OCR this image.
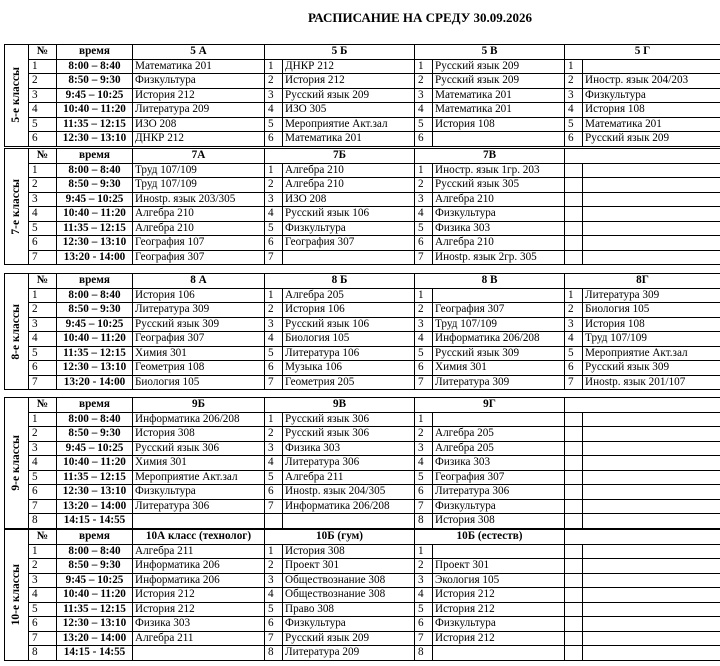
РАСПИСАНИЕ НА СРЕДУ 30.09.2026
5-е классы	№	время	5 А	5 Б		5 В		5 Г	
	1	8:00 – 8:40	Математика 201	1	ДНКР 212	1	Русский язык 209	1	
	2	8:50 – 9:30	Физкультура	2	История 212	2	Русский язык 209	2	Иностр. язык 204/203
	3	9:45 – 10:25	История 212	3	Русский язык 209	3	Математика 201	3	Физкультура
	4	10:40 – 11:20	Литература 209	4	ИЗО 305	4	Математика 201	4	История 108
	5	11:35 – 12:15	ИЗО 208	5	Мероприятие Акт.зал	5	История 108	5	Математика 201
	6	12:30 – 13:10	ДНКР 212	6	Математика 201	6		6	Русский язык 209
7-е классы	№	время	7А	7Б		7В			
	1	8:00 – 8:40	Труд 107/109	1	Алгебра 210	1	Иностр. язык 1гр. 203		
	2	8:50 – 9:30	Труд 107/109	2	Алгебра 210	2	Русский язык 305		
	3	9:45 – 10:25	Инostр. язык 203/305	3	ИЗО 208	3	Алгебра 210		
	4	10:40 – 11:20	Алгебра 210	4	Русский язык 106	4	Физкультура		
	5	11:35 – 12:15	Алгебра 210	5	Физкультура	5	Физика 303		
	6	12:30 – 13:10	География 107	6	География 307	6	Алгебра 210		
	7	13:20 - 14:00	География 307	7		7	Инostр. язык 2гр. 305		
8-е классы	№	время	8 А	8 Б		8 В		8Г	
	1	8:00 – 8:40	История 106	1	Алгебра 205	1		1	Литература 309
	2	8:50 – 9:30	Литература 309	2	История 106	2	География 307	2	Биология 105
	3	9:45 – 10:25	Русский язык 309	3	Русский язык 106	3	Труд 107/109	3	История 108
	4	10:40 – 11:20	География 307	4	Биология 105	4	Информатика 206/208	4	Труд 107/109
	5	11:35 – 12:15	Химия 301	5	Литература 106	5	Русский язык 309	5	Мероприятие Акт.зал
	6	12:30 – 13:10	Геометрия 108	6	Музыка 106	6	Химия 301	6	Русский язык 309
	7	13:20 - 14:00	Биология 105	7	Геометрия 205	7	Литература 309	7	Инostр. язык 201/107
9-е классы	№	время	9Б	9В		9Г			
	1	8:00 – 8:40	Информатика 206/208	1	Русский язык 306	1			
	2	8:50 – 9:30	История 308	2	Русский язык 306	2	Алгебра 205		
	3	9:45 – 10:25	Русский язык 306	3	Физика 303	3	Алгебра 205		
	4	10:40 – 11:20	Химия 301	4	Литература 306	4	Физика 303		
	5	11:35 – 12:15	Мероприятие Акт.зал	5	Алгебра 211	5	География 307		
	6	12:30 – 13:10	Физкультура	6	Инostр. язык 204/305	6	Литература 306		
	7	13:20 – 14:00	Литература 306	7	Информатика 206/208	7	Физкультура		
	8	14:15 - 14:55				8	История 308		
10-е классы	№	время	10А класс (технолог)	10Б (гум)		10Б (естеств)			
	1	8:00 – 8:40	Алгебра 211	1	История 308	1			
	2	8:50 – 9:30	Информатика 206	2	Проект 301	2	Проект 301		
	3	9:45 – 10:25	Информатика 206	3	Обществознание 308	3	Экология 105		
	4	10:40 – 11:20	История 212	4	Обществознание 308	4	История 212		
	5	11:35 – 12:15	История 212	5	Право 308	5	История 212		
	6	12:30 – 13:10	Физика 303	6	Физкультура	6	Физкультура		
	7	13:20 – 14:00	Алгебра 211	7	Русский язык 209	7	История 212		
	8	14:15 - 14:55		8	Литература 209	8			
